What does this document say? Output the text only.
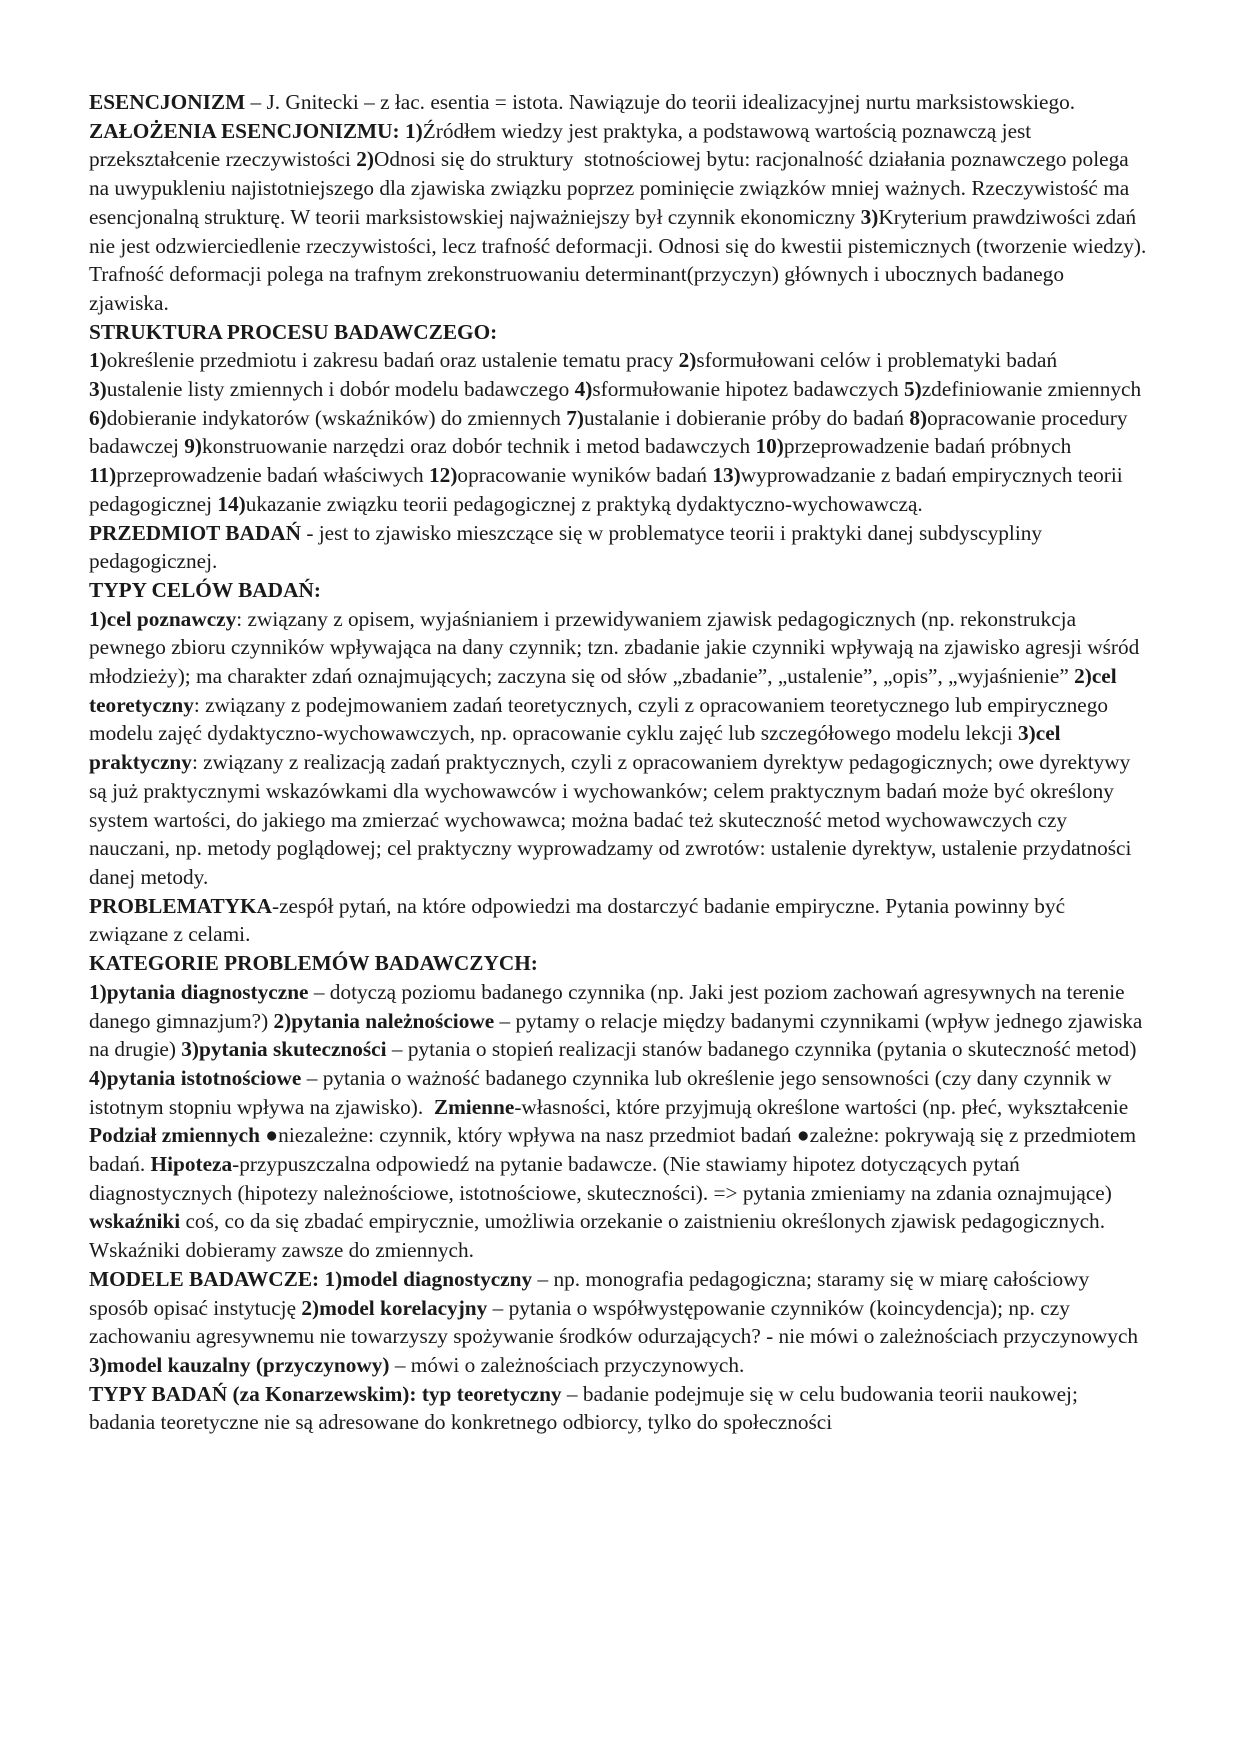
ESENCJONIZM – J. Gnitecki – z łac. esentia = istota. Nawiązuje do teorii idealizacyjnej nurtu marksistowskiego.

ZAŁOŻENIA ESENCJONIZMU: 1)Źródłem wiedzy jest praktyka, a podstawową wartością poznawczą jest przekształcenie rzeczywistości 2)Odnosi się do struktury  stotnościowej bytu: racjonalność działania poznawczego polega na uwypukleniu najistotniejszego dla zjawiska związku poprzez pominięcie związków mniej ważnych. Rzeczywistość ma esencjonalną strukturę. W teorii marksistowskiej najważniejszy był czynnik ekonomiczny 3)Kryterium prawdziwości zdań nie jest odzwierciedlenie rzeczywistości, lecz trafność deformacji. Odnosi się do kwestii pistemicznych (tworzenie wiedzy). Trafność deformacji polega na trafnym zrekonstruowaniu determinant(przyczyn) głównych i ubocznych badanego zjawiska.

STRUKTURA PROCESU BADAWCZEGO:

1)określenie przedmiotu i zakresu badań oraz ustalenie tematu pracy 2)sformułowani celów i problematyki badań 3)ustalenie listy zmiennych i dobór modelu badawczego 4)sformułowanie hipotez badawczych 5)zdefiniowanie zmiennych 6)dobieranie indykatorów (wskaźników) do zmiennych 7)ustalanie i dobieranie próby do badań 8)opracowanie procedury badawczej 9)konstruowanie narzędzi oraz dobór technik i metod badawczych 10)przeprowadzenie badań próbnych 11)przeprowadzenie badań właściwych 12)opracowanie wyników badań 13)wyprowadzanie z badań empirycznych teorii pedagogicznej 14)ukazanie związku teorii pedagogicznej z praktyką dydaktyczno-wychowawczą.

PRZEDMIOT BADAŃ - jest to zjawisko mieszczące się w problematyce teorii i praktyki danej subdyscypliny pedagogicznej.

TYPY CELÓW BADAŃ:

1)cel poznawczy: związany z opisem, wyjaśnianiem i przewidywaniem zjawisk pedagogicznych (np. rekonstrukcja pewnego zbioru czynników wpływająca na dany czynnik; tzn. zbadanie jakie czynniki wpływają na zjawisko agresji wśród młodzieży); ma charakter zdań oznajmujących; zaczyna się od słów „zbadanie”, „ustalenie”, „opis”, „wyjaśnienie” 2)cel teoretyczny: związany z podejmowaniem zadań teoretycznych, czyli z opracowaniem teoretycznego lub empirycznego modelu zajęć dydaktyczno-wychowawczych, np. opracowanie cyklu zajęć lub szczegółowego modelu lekcji 3)cel praktyczny: związany z realizacją zadań praktycznych, czyli z opracowaniem dyrektyw pedagogicznych; owe dyrektywy są już praktycznymi wskazówkami dla wychowawców i wychowanków; celem praktycznym badań może być określony system wartości, do jakiego ma zmierzać wychowawca; można badać też skuteczność metod wychowawczych czy nauczani, np. metody poglądowej; cel praktyczny wyprowadzamy od zwrotów: ustalenie dyrektyw, ustalenie przydatności danej metody.

PROBLEMATYKA-zespół pytań, na które odpowiedzi ma dostarczyć badanie empiryczne. Pytania powinny być związane z celami.

KATEGORIE PROBLEMÓW BADAWCZYCH:

1)pytania diagnostyczne – dotyczą poziomu badanego czynnika (np. Jaki jest poziom zachowań agresywnych na terenie danego gimnazjum?) 2)pytania należnościowe – pytamy o relacje między badanymi czynnikami (wpływ jednego zjawiska na drugie) 3)pytania skuteczności – pytania o stopień realizacji stanów badanego czynnika (pytania o skuteczność metod) 4)pytania istotnościowe – pytania o ważność badanego czynnika lub określenie jego sensowności (czy dany czynnik w istotnym stopniu wpływa na zjawisko).  Zmienne-własności, które przyjmują określone wartości (np. płeć, wykształcenie Podział zmiennych ●niezależne: czynnik, który wpływa na nasz przedmiot badań ●zależne: pokrywają się z przedmiotem badań. Hipoteza-przypuszczalna odpowiedź na pytanie badawcze. (Nie stawiamy hipotez dotyczących pytań diagnostycznych (hipotezy należnościowe, istotnościowe, skuteczności). => pytania zmieniamy na zdania oznajmujące)  wskaźniki coś, co da się zbadać empirycznie, umożliwia orzekanie o zaistnieniu określonych zjawisk pedagogicznych. Wskaźniki dobieramy zawsze do zmiennych.

MODELE BADAWCZE: 1)model diagnostyczny – np. monografia pedagogiczna; staramy się w miarę całościowy sposób opisać instytucję 2)model korelacyjny – pytania o współwystępowanie czynników (koincydencja); np. czy zachowaniu agresywnemu nie towarzyszy spożywanie środków odurzających? - nie mówi o zależnościach przyczynowych 3)model kauzalny (przyczynowy) – mówi o zależnościach przyczynowych.

TYPY BADAŃ (za Konarzewskim): typ teoretyczny – badanie podejmuje się w celu budowania teorii naukowej; badania teoretyczne nie są adresowane do konkretnego odbiorcy, tylko do społeczności
